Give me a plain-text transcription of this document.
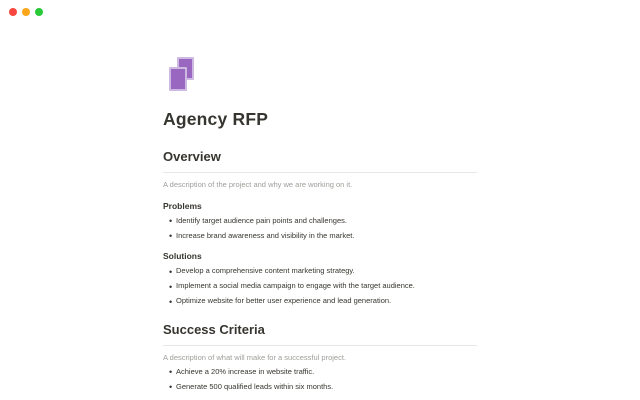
Agency RFP
Overview

A description of the project and why we are working on it.

Problems
• Identify target audience pain points and challenges.
• Increase brand awareness and visibility in the market.
Solutions
• Develop a comprehensive content marketing strategy.
• Implement a social media campaign to engage with the target audience.
• Optimize website for better user experience and lead generation.
Success Criteria

A description of what will make for a successful project.

• Achieve a 20% increase in website traffic.
• Generate 500 qualified leads within six months.
